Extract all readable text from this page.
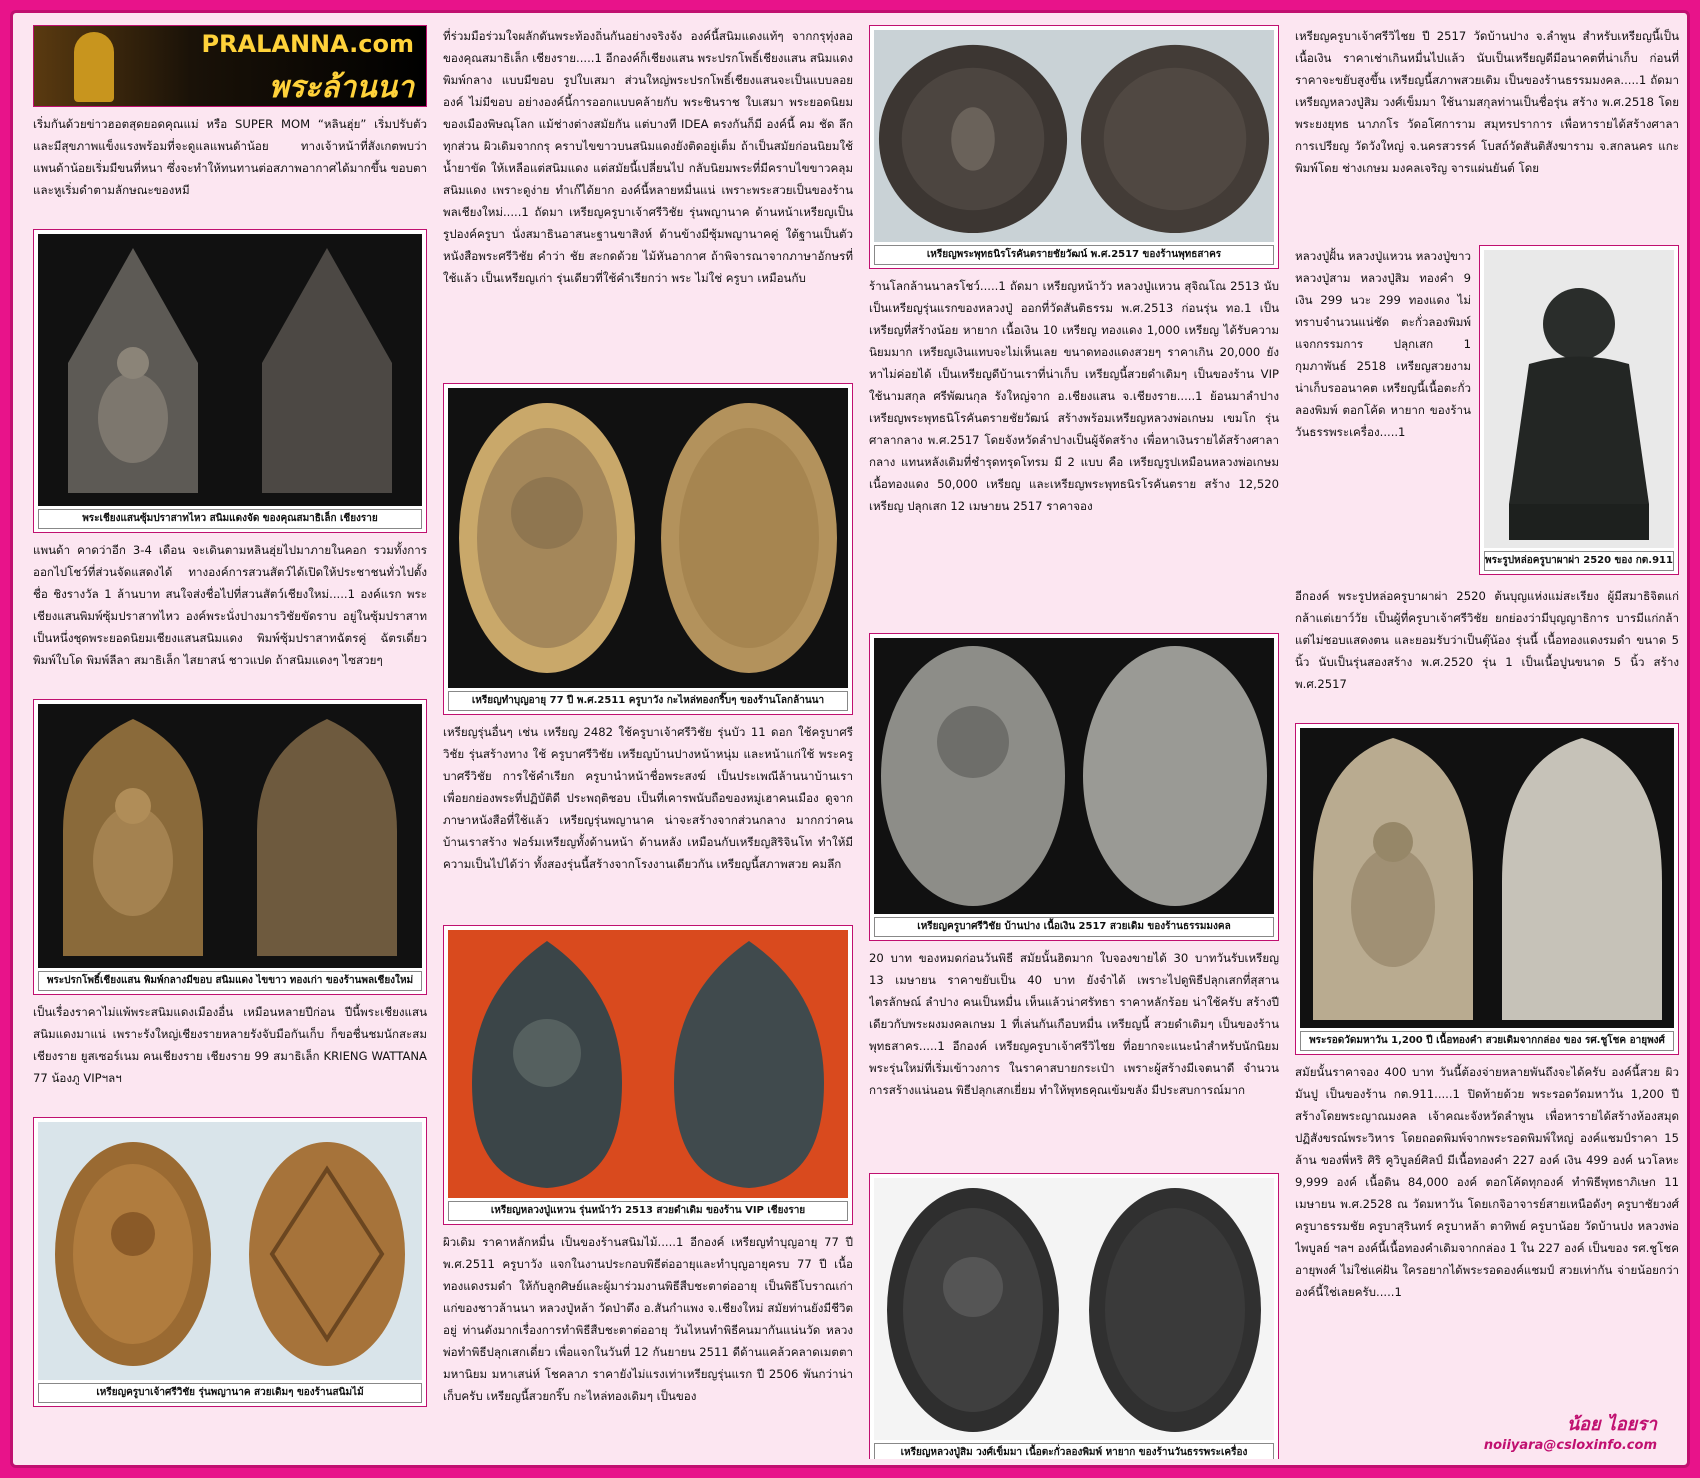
PRALANNA.com
พระล้านนา
เริ่มกันด้วยข่าวฮอตสุดยอดคุณแม่ หรือ SUPER MOM “หลินฮุ่ย” เริ่มปรับตัวและมีสุขภาพแข็งแรงพร้อมที่จะดูแลแพนด้าน้อย ทางเจ้าหน้าที่สังเกตพบว่า แพนด้าน้อยเริ่มมีขนที่หนา ซึ่งจะทำให้ทนทานต่อสภาพอากาศได้มากขึ้น ขอบตาและหูเริ่มดำตามลักษณะของหมี
พระเชียงแสนซุ้มปราสาทไหว สนิมแดงจัด ของคุณสมาธิเล็ก เชียงราย
แพนด้า คาดว่าอีก 3-4 เดือน จะเดินตามหลินฮุ่ยไปมาภายในคอก รวมทั้งการออกไปโชว์ที่ส่วนจัดแสดงได้ ทางองค์การสวนสัตว์ได้เปิดให้ประชาชนทั่วไปตั้งชื่อ ชิงรางวัล 1 ล้านบาท สนใจส่งชื่อไปที่สวนสัตว์เชียงใหม่.....1 องค์แรก พระเชียงแสนพิมพ์ซุ้มปราสาทไหว องค์พระนั่งปางมารวิชัยขัดราบ อยู่ในซุ้มปราสาท เป็นหนึ่งชุดพระยอดนิยมเชียงแสนสนิมแดง พิมพ์ซุ้มปราสาทฉัตรคู่ ฉัตรเดี่ยว พิมพ์ใบโด พิมพ์ลีลา สมาธิเล็ก ไสยาสน์ ชาวแปด ถ้าสนิมแดงๆ ไซสวยๆ
พระปรกโพธิ์เชียงแสน พิมพ์กลางมีขอบ สนิมแดง ไขขาว ทองเก่า ของร้านพลเชียงใหม่
เป็นเรื่องราคาไม่แพ้พระสนิมแดงเมืองอื่น เหมือนหลายปีก่อน ปีนี้พระเชียงแสนสนิมแดงมาแน่ เพราะรังใหญ่เชียงรายหลายรังจับมือกันเก็บ ก็ขอชื่นชมนักสะสมเชียงราย ยูสเซอร์เนม คนเชียงราย เชียงราย 99 สมาธิเล็ก KRIENG WATTANA 77 น้องภู VIPฯลฯ
เหรียญครูบาเจ้าศรีวิชัย รุ่นพญานาค สวยเดิมๆ ของร้านสนิมไม้
ที่ร่วมมือร่วมใจผลักดันพระท้องถิ่นกันอย่างจริงจัง องค์นี้สนิมแดงแท้ๆ จากกรุทุ่งลอ ของคุณสมาธิเล็ก เชียงราย.....1 อีกองค์ก็เชียงแสน พระปรกโพธิ์เชียงแสน สนิมแดง พิมพ์กลาง แบบมีขอบ รูปใบเสมา ส่วนใหญ่พระปรกโพธิ์เชียงแสนจะเป็นแบบลอยองค์ ไม่มีขอบ อย่างองค์นี้การออกแบบคล้ายกับ พระชินราช ใบเสมา พระยอดนิยมของเมืองพิษณุโลก แม้ช่างต่างสมัยกัน แต่บางที IDEA ตรงกันก็มี องค์นี้ คม ชัด ลึก ทุกส่วน ผิวเดิมจากกรุ คราบไขขาวบนสนิมแดงยังติดอยู่เต็ม ถ้าเป็นสมัยก่อนนิยมใช้น้ำยาขัด ให้เหลือแต่สนิมแดง แต่สมัยนี้เปลี่ยนไป กลับนิยมพระที่มีคราบไขขาวคลุมสนิมแดง เพราะดูง่าย ทำเก๊ได้ยาก องค์นี้หลายหมื่นแน่ เพราะพระสวยเป็นของร้านพลเชียงใหม่.....1 ถัดมา เหรียญครูบาเจ้าศรีวิชัย รุ่นพญานาค ด้านหน้าเหรียญเป็นรูปองค์ครูบา นั่งสมาธินอาสนะฐานขาสิงห์ ด้านข้างมีซุ้มพญานาคคู่ ใต้ฐานเป็นตัวหนังสือพระศรีวิชัย คำว่า ชัย สะกดด้วย ไม้หันอากาศ ถ้าพิจารณาจากภาษาอักษรที่ใช้แล้ว เป็นเหรียญเก่า รุ่นเดียวที่ใช้คำเรียกว่า พระ ไม่ใช่ ครูบา เหมือนกับ
เหรียญทำบุญอายุ 77 ปี พ.ศ.2511 ครูบาวัง กะไหล่ทองกริ๊บๆ ของร้านโลกล้านนา
เหรียญรุ่นอื่นๆ เช่น เหรียญ 2482 ใช้ครูบาเจ้าศรีวิชัย รุ่นบัว 11 ดอก ใช้ครูบาศรีวิชัย รุ่นสร้างทาง ใช้ ครูบาศรีวิชัย เหรียญบ้านปางหน้าหนุ่ม และหน้าแก่ใช้ พระครูบาศรีวิชัย การใช้คำเรียก ครูบานำหน้าชื่อพระสงฆ์ เป็นประเพณีล้านนาบ้านเรา เพื่อยกย่องพระที่ปฏิบัติดี ประพฤติชอบ เป็นที่เคารพนับถือของหมู่เฮาคนเมือง ดูจากภาษาหนังสือที่ใช้แล้ว เหรียญรุ่นพญานาค น่าจะสร้างจากส่วนกลาง มากกว่าคนบ้านเราสร้าง ฟอร์มเหรียญทั้งด้านหน้า ด้านหลัง เหมือนกับเหรียญสิริจินโท ทำให้มีความเป็นไปได้ว่า ทั้งสองรุ่นนี้สร้างจากโรงงานเดียวกัน เหรียญนี้สภาพสวย คมลึก
เหรียญหลวงปู่แหวน รุ่นหน้าวัว 2513 สวยดำเดิม ของร้าน VIP เชียงราย
ผิวเดิม ราคาหลักหมื่น เป็นของร้านสนิมไม้.....1 อีกองค์ เหรียญทำบุญอายุ 77 ปี พ.ศ.2511 ครูบาวัง แจกในงานประกอบพิธีต่ออายุและทำบุญอายุครบ 77 ปี เนื้อทองแดงรมดำ ให้กับลูกศิษย์และผู้มาร่วมงานพิธีสืบชะตาต่ออายุ เป็นพิธีโบราณเก่าแก่ของชาวล้านนา หลวงปู่หล้า วัดป่าตึง อ.สันกำแพง จ.เชียงใหม่ สมัยท่านยังมีชีวิตอยู่ ท่านดังมากเรื่องการทำพิธีสืบชะตาต่ออายุ วันไหนทำพิธีคนมากันแน่นวัด หลวงพ่อทำพิธีปลุกเสกเดี่ยว เพื่อแจกในวันที่ 12 กันยายน 2511 ดีด้านแคล้วคลาดเมตตามหานิยม มหาเสน่ห์ โชคลาภ ราคายังไม่แรงเท่าเหรียญรุ่นแรก ปี 2506 พันกว่าน่าเก็บครับ เหรียญนี้สวยกริ๊บ กะไหล่ทองเดิมๆ เป็นของ
เหรียญพระพุทธนิรโรคันตรายชัยวัฒน์ พ.ศ.2517 ของร้านพุทธสาคร
ร้านโลกล้านนาลรโชว์.....1 ถัดมา เหรียญหน้าวัว หลวงปู่แหวน สุจิณโณ 2513 นับเป็นเหรียญรุ่นแรกของหลวงปู่ ออกที่วัดสันติธรรม พ.ศ.2513 ก่อนรุ่น ทอ.1 เป็นเหรียญที่สร้างน้อย หายาก เนื้อเงิน 10 เหรียญ ทองแดง 1,000 เหรียญ ได้รับความนิยมมาก เหรียญเงินแทบจะไม่เห็นเลย ขนาดทองแดงสวยๆ ราคาเกิน 20,000 ยังหาไม่ค่อยได้ เป็นเหรียญดีบ้านเราที่น่าเก็บ เหรียญนี้สวยดำเดิมๆ เป็นของร้าน VIP ใช้นามสกุล ศรีพัฒนกุล รังใหญ่จาก อ.เชียงแสน จ.เชียงราย.....1 ย้อนมาลำปาง เหรียญพระพุทธนิโรคันตรายชัยวัฒน์ สร้างพร้อมเหรียญหลวงพ่อเกษม เขมโก รุ่นศาลากลาง พ.ศ.2517 โดยจังหวัดลำปางเป็นผู้จัดสร้าง เพื่อหาเงินรายได้สร้างศาลากลาง แทนหลังเดิมที่ชำรุดทรุดโทรม มี 2 แบบ คือ เหรียญรูปเหมือนหลวงพ่อเกษม เนื้อทองแดง 50,000 เหรียญ และเหรียญพระพุทธนิรโรคันตราย สร้าง 12,520 เหรียญ ปลุกเสก 12 เมษายน 2517 ราคาจอง
เหรียญครูบาศรีวิชัย บ้านปาง เนื้อเงิน 2517 สวยเดิม ของร้านธรรมมงคล
20 บาท ของหมดก่อนวันพิธี สมัยนั้นฮิตมาก ใบจองขายได้ 30 บาทวันรับเหรียญ 13 เมษายน ราคาขยับเป็น 40 บาท ยังจำได้ เพราะไปดูพิธีปลุกเสกที่สุสานไตรลักษณ์ ลำปาง คนเป็นหมื่น เห็นแล้วน่าศรัทธา ราคาหลักร้อย น่าใช้ครับ สร้างปีเดียวกับพระผงมงคลเกษม 1 ที่เล่นกันเกือบหมื่น เหรียญนี้ สวยดำเดิมๆ เป็นของร้านพุทธสาคร.....1 อีกองค์ เหรียญครูบาเจ้าศรีวิไชย ที่อยากจะแนะนำสำหรับนักนิยมพระรุ่นใหม่ที่เริ่มเข้าวงการ ในราคาสบายกระเป๋า เพราะผู้สร้างมีเจตนาดี จำนวนการสร้างแน่นอน พิธีปลุกเสกเยี่ยม ทำให้พุทธคุณเข้มขลัง มีประสบการณ์มาก
เหรียญหลวงปู่สิม วงศ์เข็มมา เนื้อตะกั่วลองพิมพ์ หายาก ของร้านวันธรรพระเครื่อง
เหรียญครูบาเจ้าศรีวิไชย ปี 2517 วัดบ้านปาง จ.ลำพูน สำหรับเหรียญนี้เป็นเนื้อเงิน ราคาเช่าเกินหมื่นไปแล้ว นับเป็นเหรียญดีมีอนาคตที่น่าเก็บ ก่อนที่ราคาจะขยับสูงขึ้น เหรียญนี้สภาพสวยเดิม เป็นของร้านธรรมมงคล.....1 ถัดมา เหรียญหลวงปู่สิม วงศ์เข็มมา ใช้นามสกุลท่านเป็นชื่อรุ่น สร้าง พ.ศ.2518 โดยพระยงยุทธ นาภกโร วัดอโศการาม สมุทรปราการ เพื่อหารายได้สร้างศาลาการเปรียญ วัดวังใหญ่ จ.นครสวรรค์ โบสถ์วัดสันติสังฆาราม จ.สกลนคร แกะพิมพ์โดย ช่างเกษม มงคลเจริญ จารแผ่นยันต์ โดย
พระรูปหล่อครูบาผาผ่า 2520 ของ กต.911
หลวงปู่ฝั้น หลวงปู่แหวน หลวงปู่ขาว หลวงปู่สาม หลวงปู่สิม ทองคำ 9 เงิน 299 นวะ 299 ทองแดง ไม่ทราบจำนวนแน่ชัด ตะกั่วลองพิมพ์ แจกกรรมการ ปลุกเสก 1 กุมภาพันธ์ 2518 เหรียญสวยงามน่าเก็บรออนาคต เหรียญนี้เนื้อตะกั่วลองพิมพ์ ตอกโค้ด หายาก ของร้านวันธรรพระเครื่อง.....1
อีกองค์ พระรูปหล่อครูบาผาผ่า 2520 ต้นบุญแห่งแม่สะเรียง ผู้มีสมาธิจิตแก่กล้าแต่เยาว์วัย เป็นผู้ที่ครูบาเจ้าศรีวิชัย ยกย่องว่ามีบุญญาธิการ บารมีแก่กล้า แต่ไม่ชอบแสดงตน และยอมรับว่าเป็นตุ๊น้อง รุ่นนี้ เนื้อทองแดงรมดำ ขนาด 5 นิ้ว นับเป็นรุ่นสองสร้าง พ.ศ.2520 รุ่น 1 เป็นเนื้อปูนขนาด 5 นิ้ว สร้าง พ.ศ.2517
พระรอดวัดมหาวัน 1,200 ปี เนื้อทองคำ สวยเดิมจากกล่อง ของ รศ.ชูโชค อายุพงศ์
สมัยนั้นราคาจอง 400 บาท วันนี้ต้องจ่ายหลายพันถึงจะได้ครับ องค์นี้สวย ผิวมันปู เป็นของร้าน กต.911.....1 ปิดท้ายด้วย พระรอดวัดมหาวัน 1,200 ปี สร้างโดยพระญาณมงคล เจ้าคณะจังหวัดลำพูน เพื่อหารายได้สร้างห้องสมุด ปฏิสังขรณ์พระวิหาร โดยถอดพิมพ์จากพระรอดพิมพ์ใหญ่ องค์แชมป์ราคา 15 ล้าน ของพี่หริ ศิริ คูวิบูลย์ศิลป์ มีเนื้อทองคำ 227 องค์ เงิน 499 องค์ นวโลหะ 9,999 องค์ เนื้อดิน 84,000 องค์ ตอกโค้ดทุกองค์ ทำพิธีพุทธาภิเษก 11 เมษายน พ.ศ.2528 ณ วัดมหาวัน โดยเกจิอาจารย์สายเหนือดังๆ ครูบาชัยวงศ์ ครูบาธรรมชัย ครูบาสุรินทร์ ครูบาหล้า ตาทิพย์ ครูบาน้อย วัดบ้านปง หลวงพ่อไพบูลย์ ฯลฯ องค์นี้เนื้อทองคำเดิมจากกล่อง 1 ใน 227 องค์ เป็นของ รศ.ชูโชค อายุพงศ์ ไม่ใช่แค่ฝัน ใครอยากได้พระรอดองค์แชมป์ สวยเท่ากัน จ่ายน้อยกว่าองค์นี้ใช่เลยครับ.....1
น้อย ไอยรา
noiiyara@csloxinfo.com
